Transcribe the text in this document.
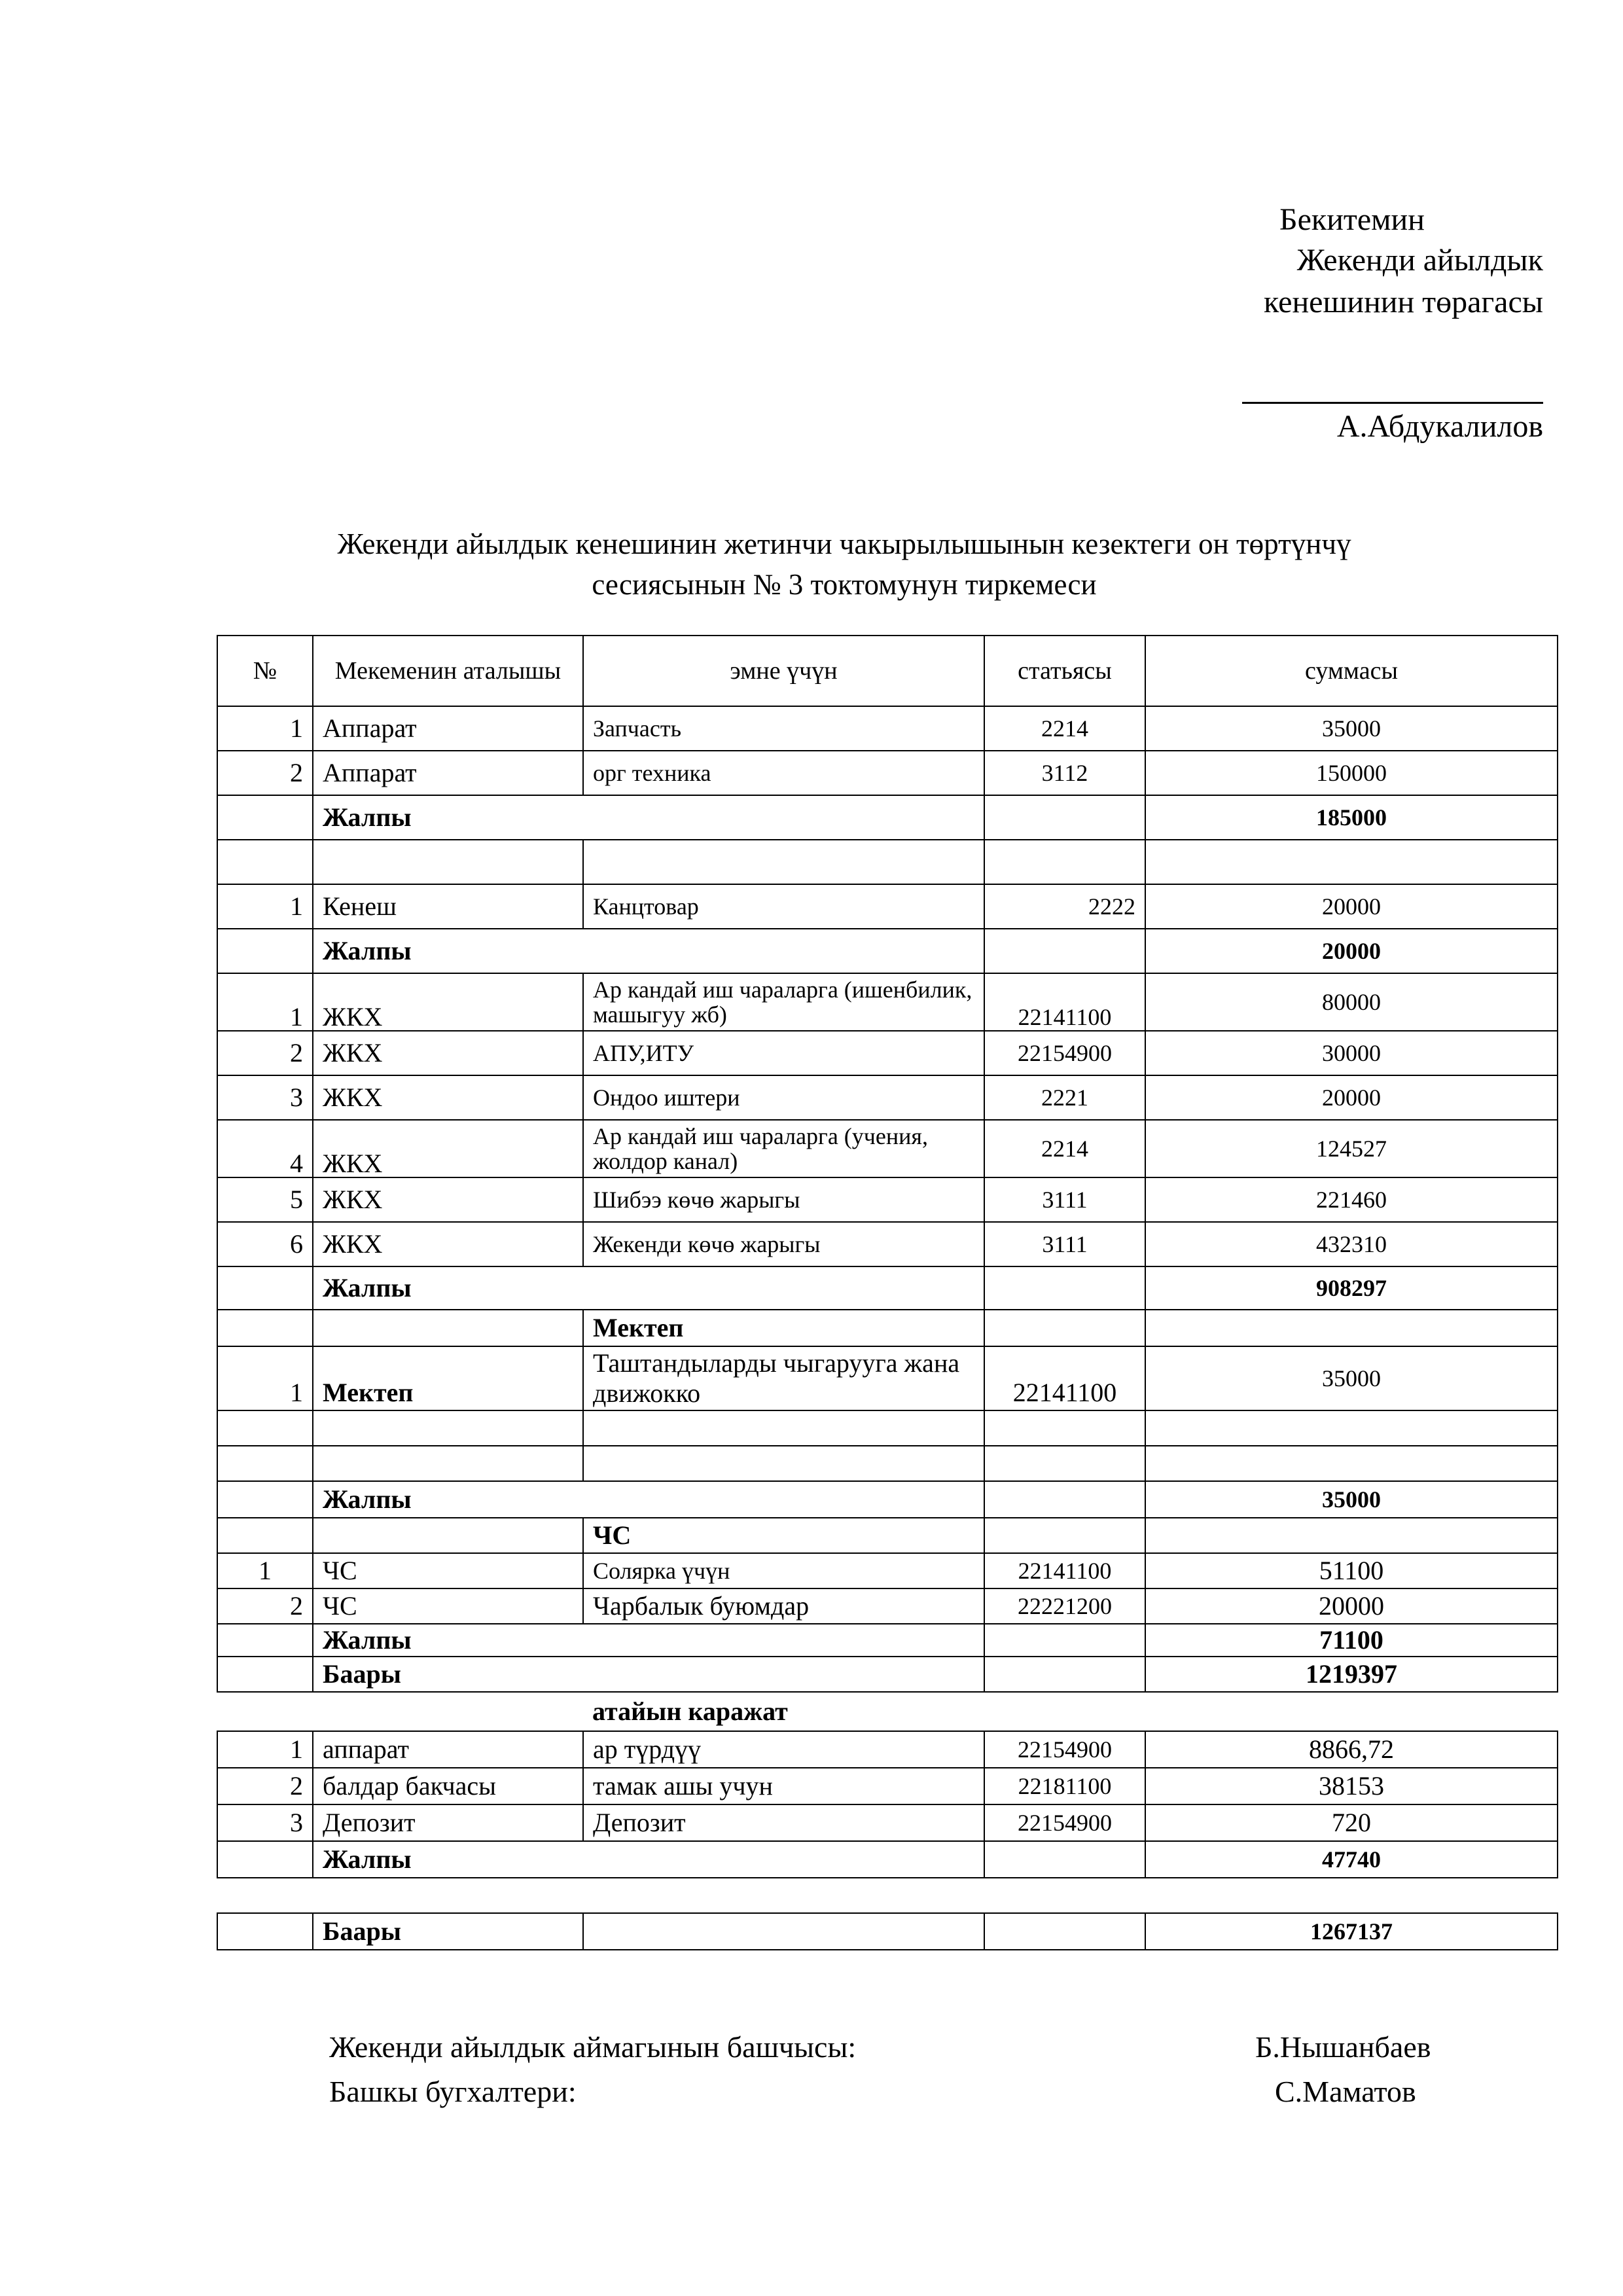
Бекитемин
Жекенди айылдык
кенешинин төрагасы
А.Абдукалилов
Жекенди айылдык кенешинин жетинчи чакырылышынын кезектеги он төртүнчү
сесиясынын № 3 токтомунун тиркемеси
№	Мекеменин аталышы	эмне үчүн	статьясы	суммасы
1	Аппарат	Запчасть	2214	35000
2	Аппарат	орг техника	3112	150000
	Жалпы			185000

1	Кенеш	Канцтовар	2222	20000
	Жалпы			20000
1	ЖКХ	Ар кандай иш чараларга (ишенбилик, машыгуу жб)	22141100	80000
2	ЖКХ	АПУ,ИТУ	22154900	30000
3	ЖКХ	Ондоо иштери	2221	20000
4	ЖКХ	Ар кандай иш чараларга (учения, жолдор канал)	2214	124527
5	ЖКХ	Шибээ көчө жарыгы	3111	221460
6	ЖКХ	Жекенди көчө жарыгы	3111	432310
	Жалпы			908297
		Мектеп		
1	Мектеп	Таштандыларды чыгарууга жана движокко	22141100	35000

	Жалпы			35000
		ЧС		
1	ЧС	Солярка үчүн	22141100	51100
2	ЧС	Чарбалык буюмдар	22221200	20000
	Жалпы			71100
	Баары			1219397
		атайын каражат		
1	аппарат	ар түрдүү	22154900	8866,72
2	балдар бакчасы	тамак ашы учун	22181100	38153
3	Депозит	Депозит	22154900	720
	Жалпы			47740

	Баары			1267137
Жекенди айылдык аймагынын башчысы:	Б.Нышанбаев
Башкы бугхалтери:	С.Маматов
